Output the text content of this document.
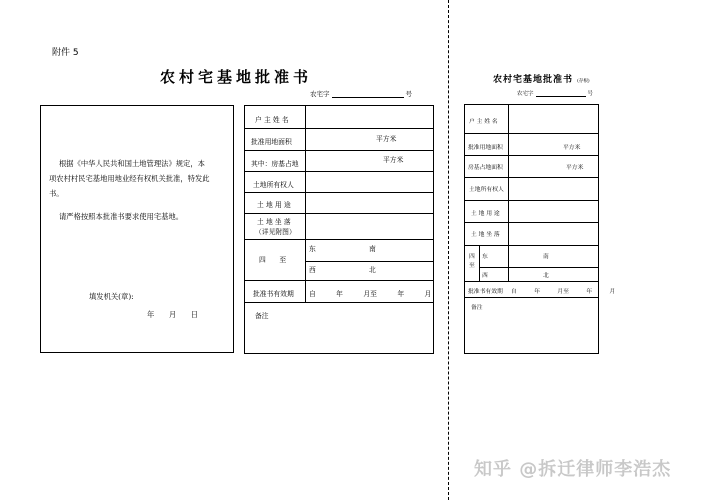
附件 5
农村宅基地批准书
农宅字	号
根据《中华人民共和国土地管理法》规定，本
项农村村民宅基地用地业经有权机关批准，特发此
书。
请严格按照本批准书要求使用宅基地。
填发机关(章):
年　　月　　日
户 主 姓 名
批准用地面积	平方米
其中：房基占地	平方米
土地所有权人
土 地 用 途
土 地 坐 落
（详见附图）
四　　至
东	南
西	北
批准书有效期 自　　　年　　　月至　　　年　　　月
备注
农村宅基地批准书 (存根)
农宅字	号
户 主 姓 名
批准用地面积	平方米
房基占地面积	平方米
土地所有权人
土 地 用 途
土 地 坐 落
四 至
东	南
西	北
批准书有效期 自　　　年　　　月至　　　年　　　月
备注
知乎 @拆迁律师李浩杰
